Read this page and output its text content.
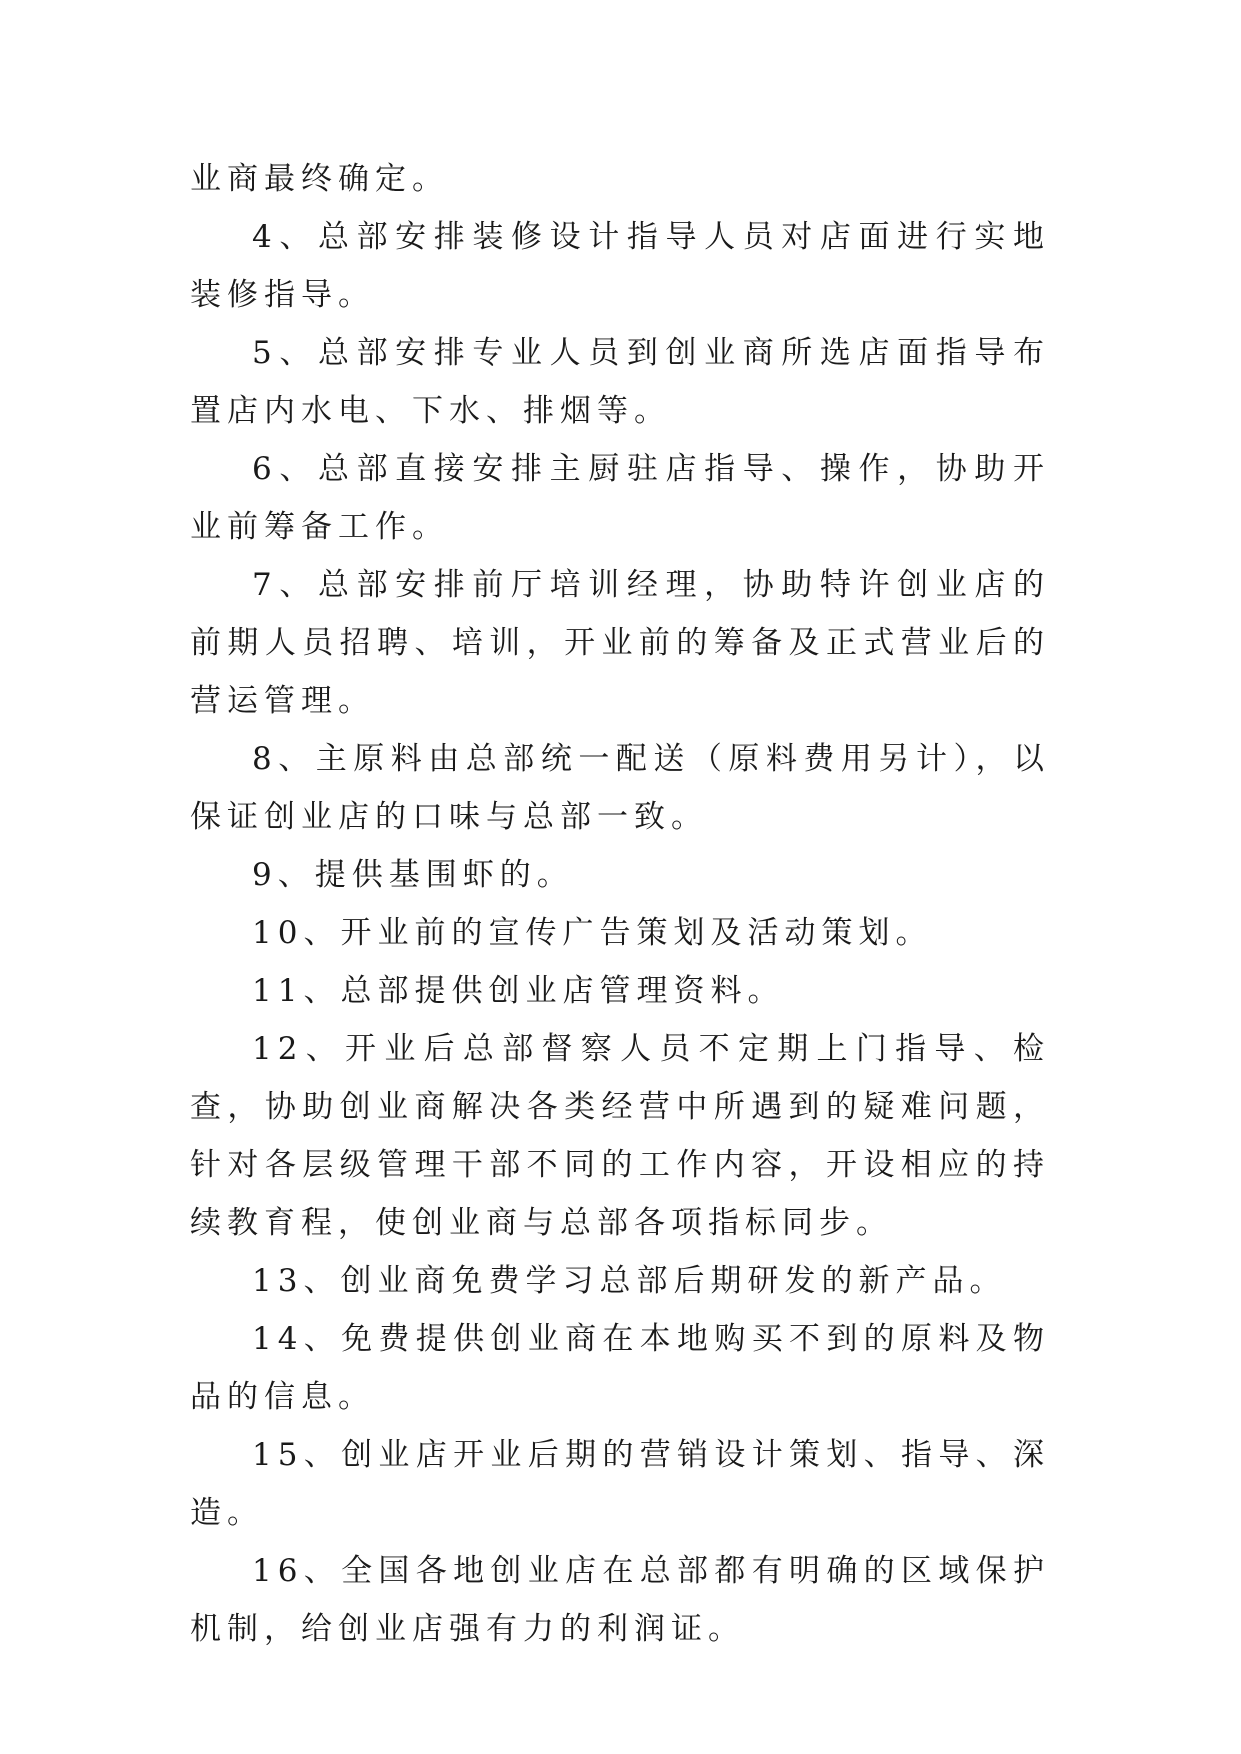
业商最终确定。

4、总部安排装修设计指导人员对店面进行实地装修指导。

5、总部安排专业人员到创业商所选店面指导布置店内水电、下水、排烟等。

6、总部直接安排主厨驻店指导、操作，协助开业前筹备工作。

7、总部安排前厅培训经理，协助特许创业店的前期人员招聘、培训，开业前的筹备及正式营业后的营运管理。

8、主原料由总部统一配送（原料费用另计），以保证创业店的口味与总部一致。

9、提供基围虾的。

10、开业前的宣传广告策划及活动策划。

11、总部提供创业店管理资料。

12、开业后总部督察人员不定期上门指导、检查，协助创业商解决各类经营中所遇到的疑难问题，针对各层级管理干部不同的工作内容，开设相应的持续教育程，使创业商与总部各项指标同步。

13、创业商免费学习总部后期研发的新产品。

14、免费提供创业商在本地购买不到的原料及物品的信息。

15、创业店开业后期的营销设计策划、指导、深造。

16、全国各地创业店在总部都有明确的区域保护机制，给创业店强有力的利润证。
